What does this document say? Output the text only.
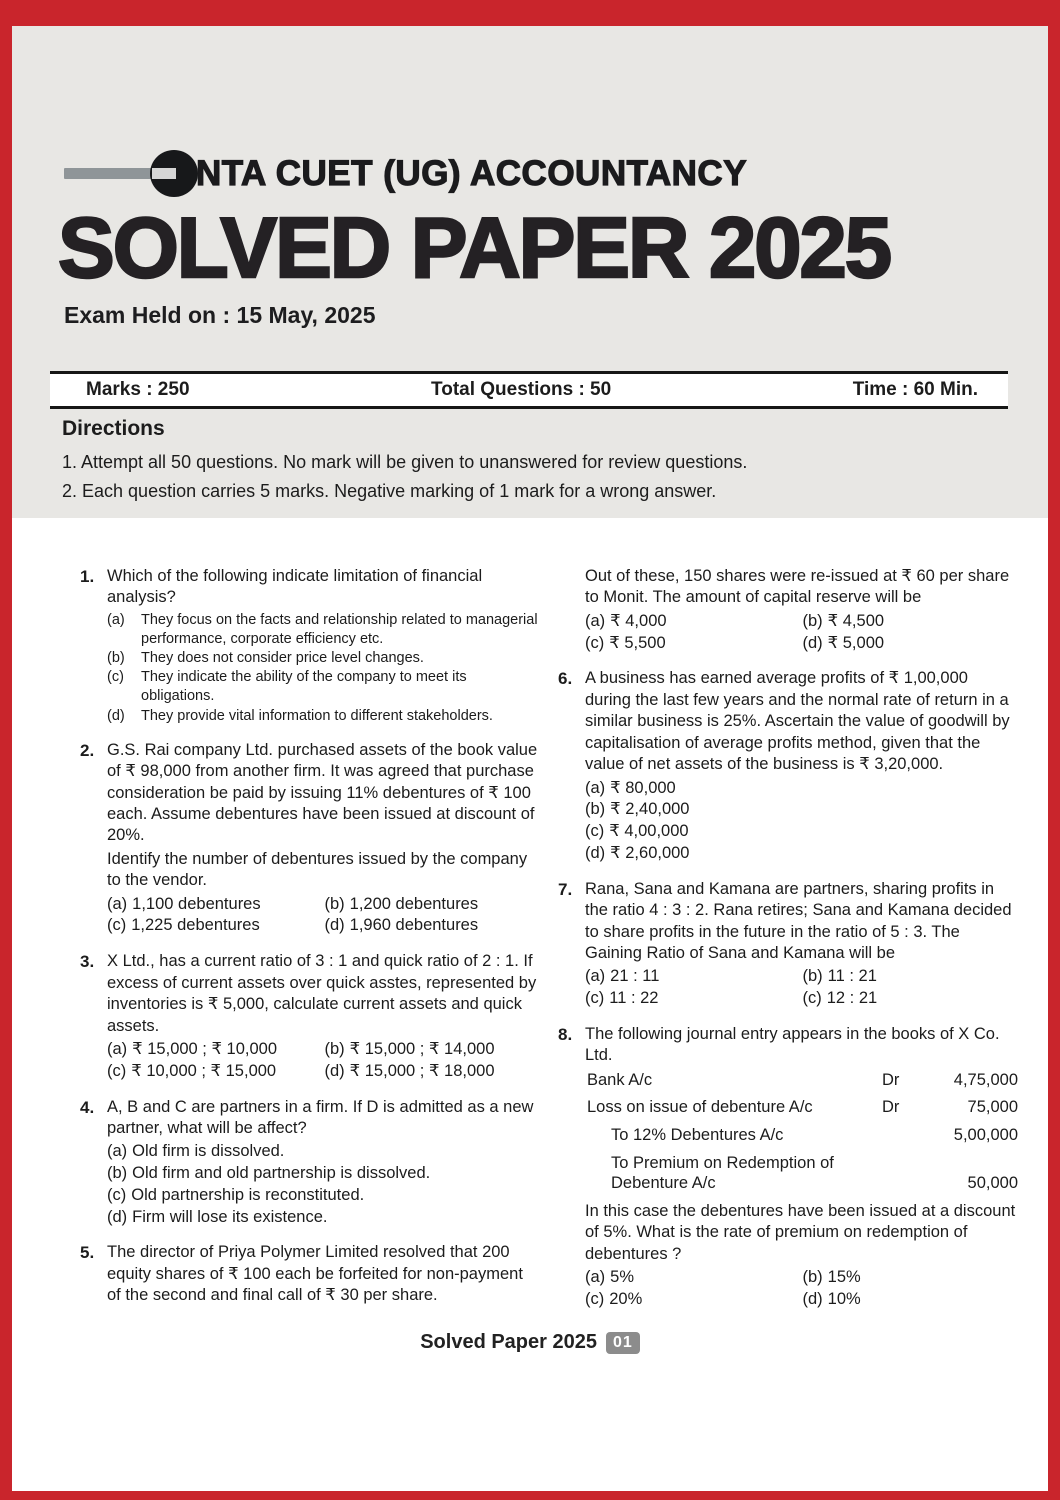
NTA CUET (UG) ACCOUNTANCY
SOLVED PAPER 2025
Exam Held on : 15 May, 2025
Marks : 250	Total Questions : 50	Time : 60 Min.
Directions
1. Attempt all 50 questions. No mark will be given to unanswered for review questions.
2. Each question carries 5 marks. Negative marking of 1 mark for a wrong answer.
1. Which of the following indicate limitation of financial analysis?
(a)	They focus on the facts and relationship related to managerial performance, corporate efficiency etc.
(b)	They does not consider price level changes.
(c)	They indicate the ability of the company to meet its obligations.
(d)	They provide vital information to different stakeholders.
2. G.S. Rai company Ltd. purchased assets of the book value of ₹ 98,000 from another firm. It was agreed that purchase consideration be paid by issuing 11% debentures of ₹ 100 each. Assume debentures have been issued at discount of 20%.
Identify the number of debentures issued by the company to the vendor.
(a) 1,100 debentures	(b) 1,200 debentures
(c) 1,225 debentures	(d) 1,960 debentures
3. X Ltd., has a current ratio of 3 : 1 and quick ratio of 2 : 1. If excess of current assets over quick asstes, represented by inventories is ₹ 5,000, calculate current assets and quick assets.
(a) ₹ 15,000 ; ₹ 10,000	(b) ₹ 15,000 ; ₹ 14,000
(c) ₹ 10,000 ; ₹ 15,000	(d) ₹ 15,000 ; ₹ 18,000
4. A, B and C are partners in a firm. If D is admitted as a new partner, what will be affect?
(a) Old firm is dissolved.
(b) Old firm and old partnership is dissolved.
(c) Old partnership is reconstituted.
(d) Firm will lose its existence.
5. The director of Priya Polymer Limited resolved that 200 equity shares of ₹ 100 each be forfeited for non-payment of the second and final call of ₹ 30 per share.
Out of these, 150 shares were re-issued at ₹ 60 per share to Monit. The amount of capital reserve will be
(a) ₹ 4,000	(b) ₹ 4,500
(c) ₹ 5,500	(d) ₹ 5,000
6. A business has earned average profits of ₹ 1,00,000 during the last few years and the normal rate of return in a similar business is 25%. Ascertain the value of goodwill by capitalisation of average profits method, given that the value of net assets of the business is ₹ 3,20,000.
(a) ₹ 80,000
(b) ₹ 2,40,000
(c) ₹ 4,00,000
(d) ₹ 2,60,000
7. Rana, Sana and Kamana are partners, sharing profits in the ratio 4 : 3 : 2. Rana retires; Sana and Kamana decided to share profits in the future in the ratio of 5 : 3. The Gaining Ratio of Sana and Kamana will be
(a) 21 : 11	(b) 11 : 21
(c) 11 : 22	(c) 12 : 21
8. The following journal entry appears in the books of X Co. Ltd.
Bank A/c	Dr	4,75,000
Loss on issue of debenture A/c	Dr	75,000
To 12% Debentures A/c	5,00,000
To Premium on Redemption of Debenture A/c	50,000
In this case the debentures have been issued at a discount of 5%. What is the rate of premium on redemption of debentures ?
(a) 5%	(b) 15%
(c) 20%	(d) 10%
Solved Paper 2025	01
